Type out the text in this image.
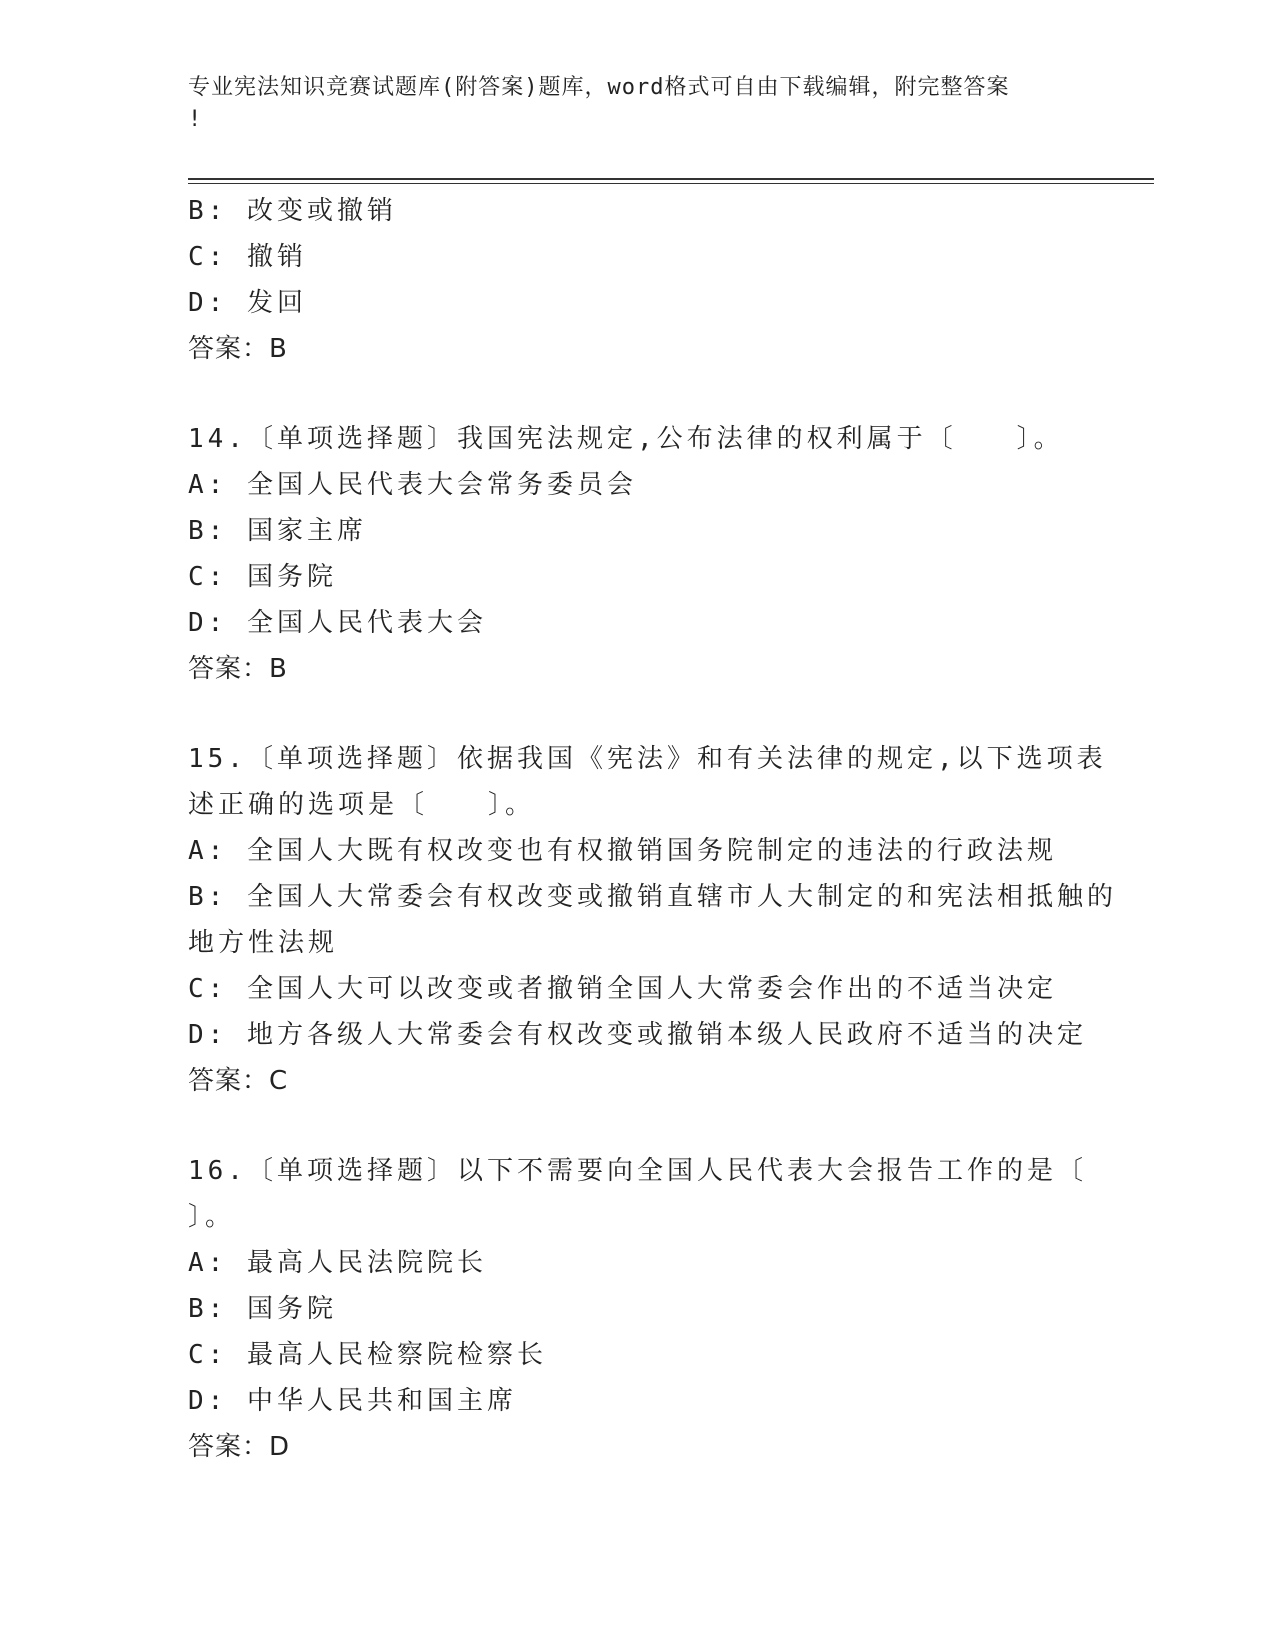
专业宪法知识竞赛试题库(附答案)题库，word格式可自由下载编辑，附完整答案
!
B: 改变或撤销
C: 撤销
D: 发回
答案：B
14.〔单项选择题〕我国宪法规定,公布法律的权利属于〔　　〕。
A: 全国人民代表大会常务委员会
B: 国家主席
C: 国务院
D: 全国人民代表大会
答案：B
15.〔单项选择题〕依据我国《宪法》和有关法律的规定,以下选项表
述正确的选项是〔　　〕。
A: 全国人大既有权改变也有权撤销国务院制定的违法的行政法规
B: 全国人大常委会有权改变或撤销直辖市人大制定的和宪法相抵触的
地方性法规
C: 全国人大可以改变或者撤销全国人大常委会作出的不适当决定
D: 地方各级人大常委会有权改变或撤销本级人民政府不适当的决定
答案：C
16.〔单项选择题〕以下不需要向全国人民代表大会报告工作的是〔
〕。
A: 最高人民法院院长
B: 国务院
C: 最高人民检察院检察长
D: 中华人民共和国主席
答案：D
